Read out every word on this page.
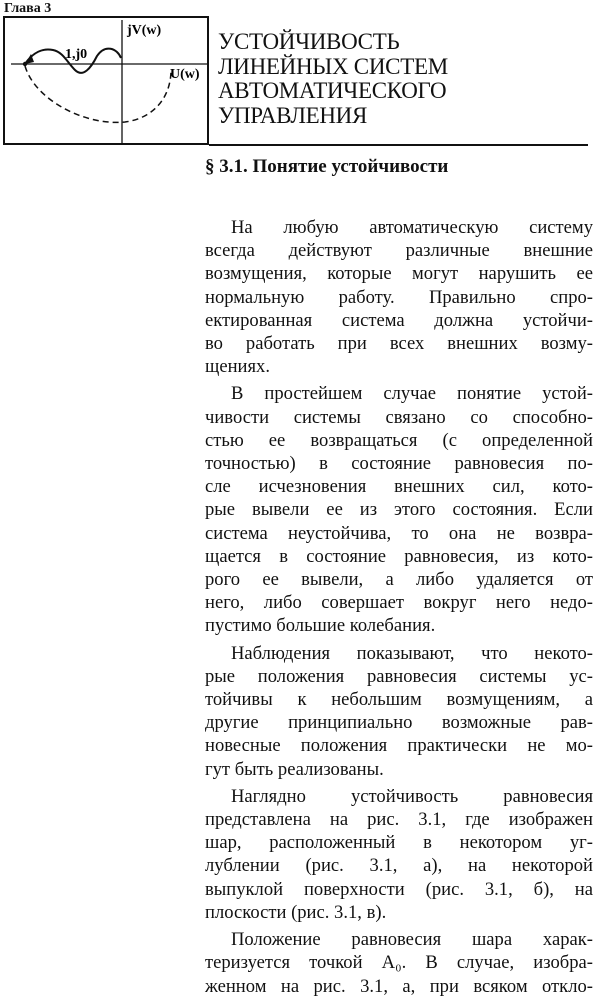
Глава 3
1,j0
jV(w)
U(w)
УСТОЙЧИВОСТЬ
ЛИНЕЙНЫХ СИСТЕМ
АВТОМАТИЧЕСКОГО
УПРАВЛЕНИЯ
§ 3.1. Понятие устойчивости
На любую автоматическую систему
всегда действуют различные внешние
возмущения, которые могут нарушить ее
нормальную работу. Правильно спро-
ектированная система должна устойчи-
во работать при всех внешних возму-
щениях.
В простейшем случае понятие устой-
чивости системы связано со способно-
стью ее возвращаться (с определенной
точностью) в состояние равновесия по-
сле исчезновения внешних сил, кото-
рые вывели ее из этого состояния. Если
система неустойчива, то она не возвра-
щается в состояние равновесия, из кото-
рого ее вывели, а либо удаляется от
него, либо совершает вокруг него недо-
пустимо большие колебания.
Наблюдения показывают, что некото-
рые положения равновесия системы ус-
тойчивы к небольшим возмущениям, а
другие принципиально возможные рав-
новесные положения практически не мо-
гут быть реализованы.
Наглядно устойчивость равновесия
представлена на рис. 3.1, где изображен
шар, расположенный в некотором уг-
лублении (рис. 3.1, а), на некоторой
выпуклой поверхности (рис. 3.1, б), на
плоскости (рис. 3.1, в).
Положение равновесия шара харак-
теризуется точкой A₀. В случае, изобра-
женном на рис. 3.1, а, при всяком откло-
